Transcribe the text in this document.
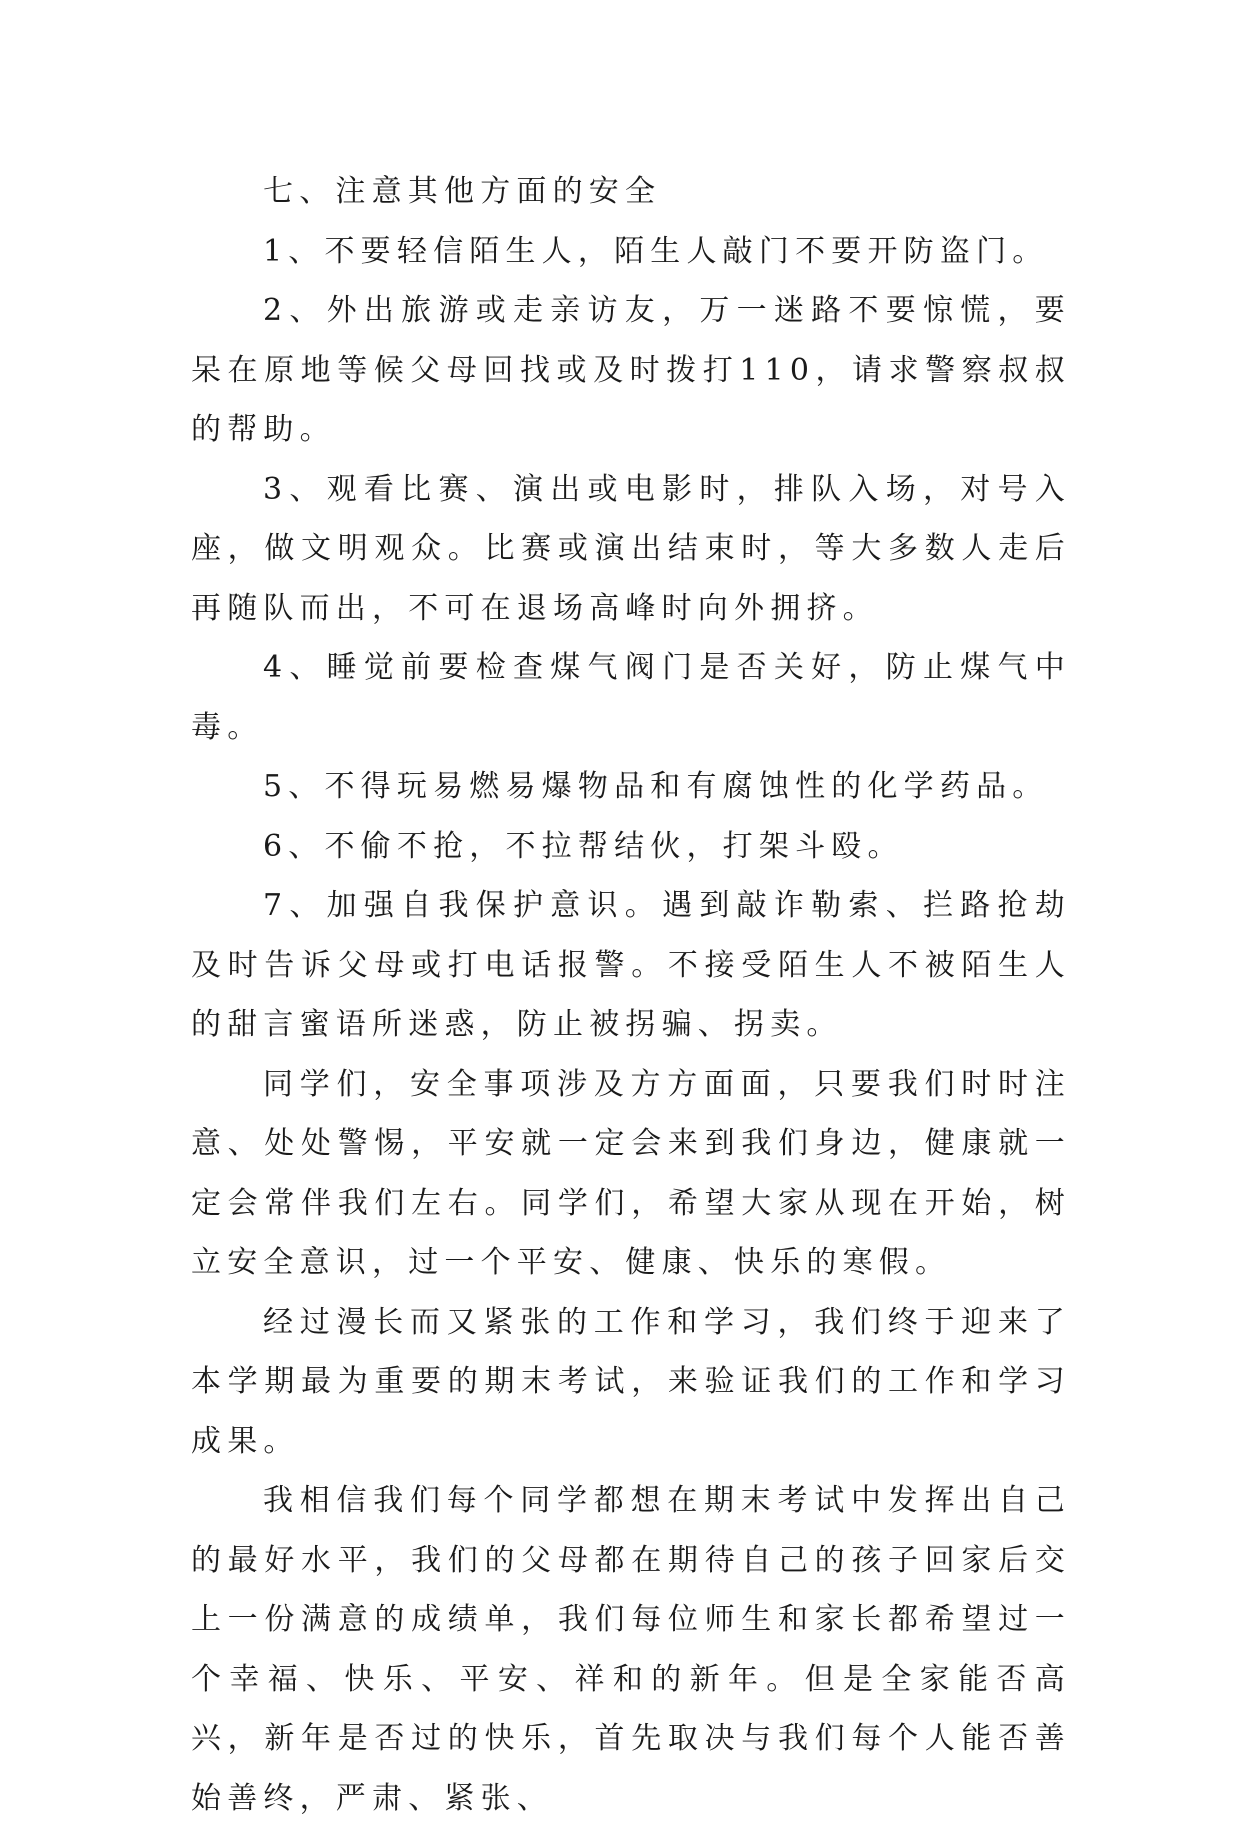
七、注意其他方面的安全

1、不要轻信陌生人，陌生人敲门不要开防盗门。

2、外出旅游或走亲访友，万一迷路不要惊慌，要呆在原地等候父母回找或及时拨打110，请求警察叔叔的帮助。

3、观看比赛、演出或电影时，排队入场，对号入座，做文明观众。比赛或演出结束时，等大多数人走后再随队而出，不可在退场高峰时向外拥挤。

4、睡觉前要检查煤气阀门是否关好，防止煤气中毒。

5、不得玩易燃易爆物品和有腐蚀性的化学药品。

6、不偷不抢，不拉帮结伙，打架斗殴。

7、加强自我保护意识。遇到敲诈勒索、拦路抢劫及时告诉父母或打电话报警。不接受陌生人不被陌生人的甜言蜜语所迷惑，防止被拐骗、拐卖。

同学们，安全事项涉及方方面面，只要我们时时注意、处处警惕，平安就一定会来到我们身边，健康就一定会常伴我们左右。同学们，希望大家从现在开始，树立安全意识，过一个平安、健康、快乐的寒假。

经过漫长而又紧张的工作和学习，我们终于迎来了本学期最为重要的期末考试，来验证我们的工作和学习成果。

我相信我们每个同学都想在期末考试中发挥出自己的最好水平，我们的父母都在期待自己的孩子回家后交上一份满意的成绩单，我们每位师生和家长都希望过一个幸福、快乐、平安、祥和的新年。但是全家能否高兴，新年是否过的快乐，首先取决与我们每个人能否善始善终，严肃、紧张、
